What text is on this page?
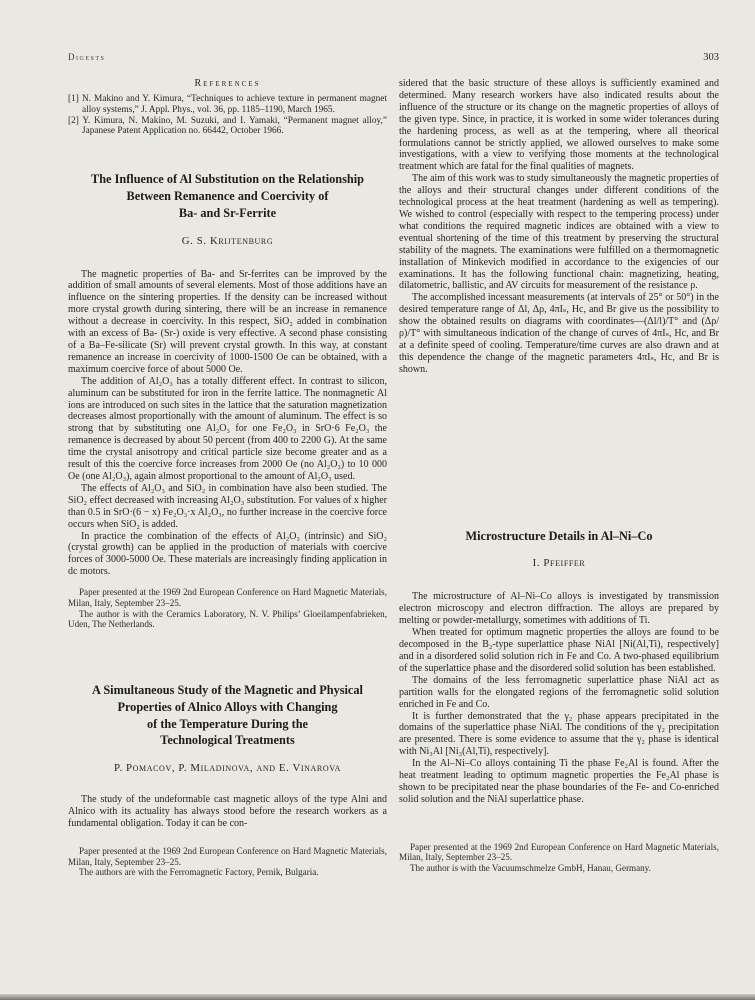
Digests	303
References

[1] N. Makino and Y. Kimura, “Techniques to achieve texture in permanent magnet alloy systems,” J. Appl. Phys., vol. 36, pp. 1185–1190, March 1965.

[2] Y. Kimura, N. Makino, M. Suzuki, and I. Yamaki, “Permanent magnet alloy,” Japanese Patent Application no. 66442, October 1966.

The Influence of Al Substitution on the Relationship
Between Remanence and Coercivity of
Ba- and Sr-Ferrite
G. S. Krijtenburg

The magnetic properties of Ba- and Sr-ferrites can be improved by the addition of small amounts of several elements. Most of those additions have an influence on the sintering properties. If the density can be increased without more crystal growth during sintering, there will be an increase in remanence without a decrease in coercivity. In this respect, SiO₂ added in combination with an excess of Ba- (Sr-) oxide is very effective. A second phase consisting of a Ba–Fe-silicate (Sr) will prevent crystal growth. In this way, at constant remanence an increase in coercivity of 1000-1500 Oe can be obtained, with a maximum coercive force of about 5000 Oe.

The addition of Al₂O₃ has a totally different effect. In contrast to silicon, aluminum can be substituted for iron in the ferrite lattice. The nonmagnetic Al ions are introduced on such sites in the lattice that the saturation magnetization decreases almost proportionally with the amount of aluminum. The effect is so strong that by substituting one Al₂O₃ for one Fe₂O₃ in SrO·6 Fe₂O₃ the remanence is decreased by about 50 percent (from 400 to 2200 G). At the same time the crystal anisotropy and critical particle size become greater and as a result of this the coercive force increases from 2000 Oe (no Al₂O₃) to 10 000 Oe (one Al₂O₃), again almost proportional to the amount of Al₂O₃ used.

The effects of Al₂O₃ and SiO₂ in combination have also been studied. The SiO₂ effect decreased with increasing Al₂O₃ substitution. For values of x higher than 0.5 in SrO·(6 − x) Fe₂O₃·x Al₂O₃, no further increase in the coercive force occurs when SiO₂ is added.

In practice the combination of the effects of Al₂O₃ (intrinsic) and SiO₂ (crystal growth) can be applied in the production of materials with coercive forces of 3000-5000 Oe. These materials are increasingly finding application in dc motors.

Paper presented at the 1969 2nd European Conference on Hard Magnetic Materials, Milan, Italy, September 23–25.

The author is with the Ceramics Laboratory, N. V. Philips’ Gloeilampenfabrieken, Uden, The Netherlands.

A Simultaneous Study of the Magnetic and Physical
Properties of Alnico Alloys with Changing
of the Temperature During the
Technological Treatments
P. Pomacov, P. Miladinova, and E. Vinarova

The study of the undeformable cast magnetic alloys of the type Alni and Alnico with its actuality has always stood before the research workers as a fundamental obligation. Today it can be con-

Paper presented at the 1969 2nd European Conference on Hard Magnetic Materials, Milan, Italy, September 23–25.

The authors are with the Ferromagnetic Factory, Pernik, Bulgaria.

sidered that the basic structure of these alloys is sufficiently examined and determined. Many research workers have also indicated results about the influence of the structure or its change on the magnetic properties of alloys of the given type. Since, in practice, it is worked in some wider tolerances during the hardening process, as well as at the tempering, where all theorical formulations cannot be strictly applied, we allowed ourselves to make some investigations, with a view to verifying those moments at the technological treatment which are fatal for the final qualities of magnets.

The aim of this work was to study simultaneously the magnetic properties of the alloys and their structural changes under different conditions of the technological process at the heat treatment (hardening as well as tempering). We wished to control (especially with respect to the tempering process) under what conditions the required magnetic indices are obtained with a view to eventual shortening of the time of this treatment by preserving the structural stability of the magnets. The examinations were fulfilled on a thermomagnetic installation of Minkevich modified in accordance to the exigencies of our examinations. It has the following functional chain: magnetizing, heating, dilatometric, ballistic, and AV circuits for measurement of the resistance ρ.

The accomplished incessant measurements (at intervals of 25° or 50°) in the desired temperature range of Δl, Δρ, 4πIₛ, Hc, and Br give us the possibility to show the obtained results on diagrams with coordinates—(Δl/l)/T° and (Δρ/ρ)/T° with simultaneous indication of the change of curves of 4πIₛ, Hc, and Br at a definite speed of cooling. Temperature/time curves are also drawn and at this dependence the change of the magnetic parameters 4πIₛ, Hc, and Br is shown.

Microstructure Details in Al–Ni–Co
I. Pfeiffer

The microstructure of Al–Ni–Co alloys is investigated by transmission electron microscopy and electron diffraction. The alloys are prepared by melting or powder-metallurgy, sometimes with additions of Ti.

When treated for optimum magnetic properties the alloys are found to be decomposed in the B₂-type superlattice phase NiAl [Ni(Al,Ti), respectively] and in a disordered solid solution rich in Fe and Co. A two-phased equilibrium of the superlattice phase and the disordered solid solution has been established.

The domains of the less ferromagnetic superlattice phase NiAl act as partition walls for the elongated regions of the ferromagnetic solid solution enriched in Fe and Co.

It is further demonstrated that the γ₂ phase appears precipitated in the domains of the superlattice phase NiAl. The conditions of the γ₂ precipitation are presented. There is some evidence to assume that the γ₂ phase is identical with Ni₃Al [Ni₃(Al,Ti), respectively].

In the Al–Ni–Co alloys containing Ti the phase Fe₂Al is found. After the heat treatment leading to optimum magnetic properties the Fe₂Al phase is shown to be precipitated near the phase boundaries of the Fe- and Co-enriched solid solution and the NiAl superlattice phase.

Paper presented at the 1969 2nd European Conference on Hard Magnetic Materials, Milan, Italy, September 23–25.

The author is with the Vacuumschmelze GmbH, Hanau, Germany.
